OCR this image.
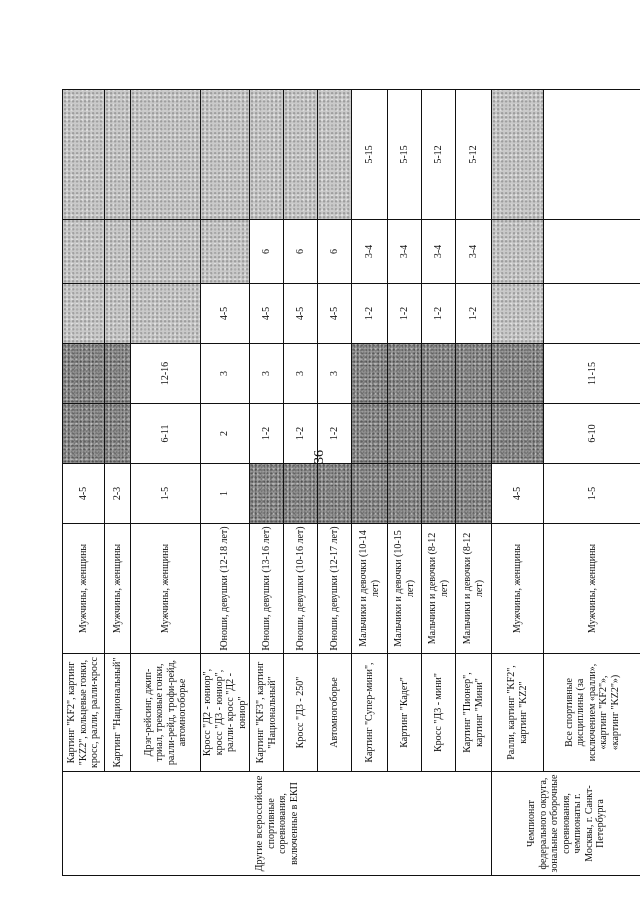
36
Другие всероссийские спортивные соревнования, включенные в ЕКП	Картинг "KF2", картинг "KZ2", кольцевые гонки, кросс, ралли, ралли-кросс	Мужчины, женщины	4-5					
	Картинг "Национальный"	Мужчины, женщины	2-3					
	Дрэг-рейсинг, джип-триал, трековые гонки, ралли-рейд, трофи-рейд, автомногоборье	Мужчины, женщины	1-5	6-11	12-16			
	Кросс "Д2 - юниор", кросс "Д3 - юниор", ралли- кросс "Д2 - юниор"	Юноши, девушки (12-18 лет)	1	2	3	4-5		
	Картинг "KF3", картинг "Национальный"	Юноши, девушки (13-16 лет)		1-2	3	4-5	6	
	Кросс "Д3 - 250"	Юноши, девушки (10-16 лет)		1-2	3	4-5	6	
	Автомногоборье	Юноши, девушки (12-17 лет)		1-2	3	4-5	6	
	Картинг "Супер-мини",	Мальчики и девочки (10-14 лет)				1-2	3-4	5-15
	Картинг "Кадет"	Мальчики и девочки (10-15 лет)				1-2	3-4	5-15
	Кросс "Д3 - мини"	Мальчики и девочки (8-12 лет)				1-2	3-4	5-12
	Картинг "Пионер", картинг "Мини"	Мальчики и девочки (8-12 лет)				1-2	3-4	5-12
Чемпионат федерального округа, зональные отборочные соревнования, чемпионаты г. Москвы, г. Санкт-Петербурга	Ралли, картинг "KF2", картинг "KZ2"	Мужчины, женщины	4-5					
	Все спортивные дисциплины (за исключением «ралли», «картинг "KF2"», «картинг "KZ2"»)	Мужчины, женщины	1-5	6-10	11-15			
